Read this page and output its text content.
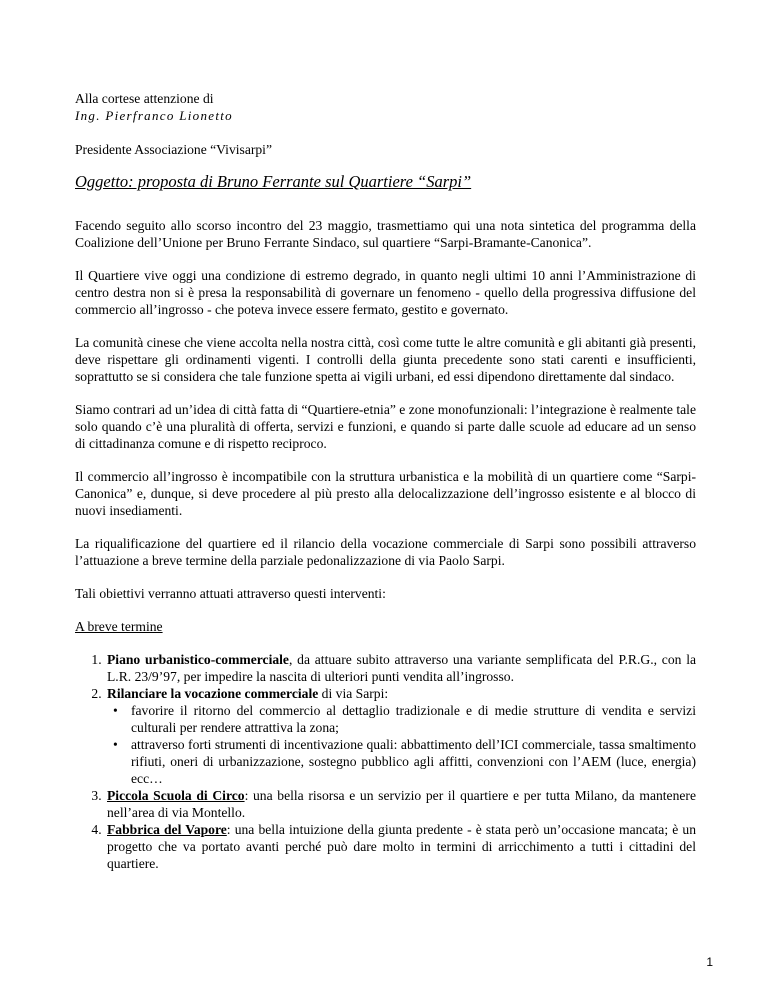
Alla cortese attenzione di

Ing. Pierfranco Lionetto

Presidente Associazione “Vivisarpi”

Oggetto: proposta di Bruno Ferrante sul Quartiere “Sarpi”

Facendo seguito allo scorso incontro del 23 maggio, trasmettiamo qui una nota sintetica del programma della Coalizione dell’Unione per Bruno Ferrante Sindaco, sul quartiere “Sarpi-Bramante-Canonica”.

Il Quartiere vive oggi una condizione di estremo degrado, in quanto negli ultimi 10 anni l’Amministrazione di centro destra non si è presa la responsabilità di governare un fenomeno - quello della progressiva diffusione del commercio all’ingrosso - che poteva invece essere fermato, gestito e governato.

La comunità cinese che viene accolta nella nostra città, così come tutte le altre comunità e gli abitanti già presenti, deve rispettare gli ordinamenti vigenti. I controlli della giunta precedente sono stati carenti e insufficienti, soprattutto se si considera che tale funzione spetta ai vigili urbani, ed essi dipendono direttamente dal sindaco.

Siamo contrari ad un’idea di città fatta di “Quartiere-etnia” e zone monofunzionali: l’integrazione è realmente tale solo quando c’è una pluralità di offerta, servizi e funzioni, e quando si parte dalle scuole ad educare ad un senso di cittadinanza comune e di rispetto reciproco.

Il commercio all’ingrosso è incompatibile con la struttura urbanistica e la mobilità di un quartiere come “Sarpi-Canonica” e, dunque, si deve procedere al più presto alla delocalizzazione dell’ingrosso esistente e al blocco di nuovi insediamenti.

La riqualificazione del quartiere ed il rilancio della vocazione commerciale di Sarpi sono possibili attraverso l’attuazione a breve termine della parziale pedonalizzazione di via Paolo Sarpi.

Tali obiettivi verranno attuati attraverso questi interventi:

A breve termine

1. Piano urbanistico-commerciale, da attuare subito attraverso una variante semplificata del P.R.G., con la L.R. 23/9’97, per impedire la nascita di ulteriori punti vendita all’ingrosso.
2. Rilanciare la vocazione commerciale di via Sarpi:
• favorire il ritorno del commercio al dettaglio tradizionale e di medie strutture di vendita e servizi culturali per rendere attrattiva la zona;
• attraverso forti strumenti di incentivazione quali: abbattimento dell’ICI commerciale, tassa smaltimento rifiuti, oneri di urbanizzazione, sostegno pubblico agli affitti, convenzioni con l’AEM (luce, energia) ecc…
3. Piccola Scuola di Circo: una bella risorsa e un servizio per il quartiere e per tutta Milano, da mantenere nell’area di via Montello.
4. Fabbrica del Vapore: una bella intuizione della giunta predente - è stata però un’occasione mancata; è un progetto che va portato avanti perché può dare molto in termini di arricchimento a tutti i cittadini del quartiere.
1
